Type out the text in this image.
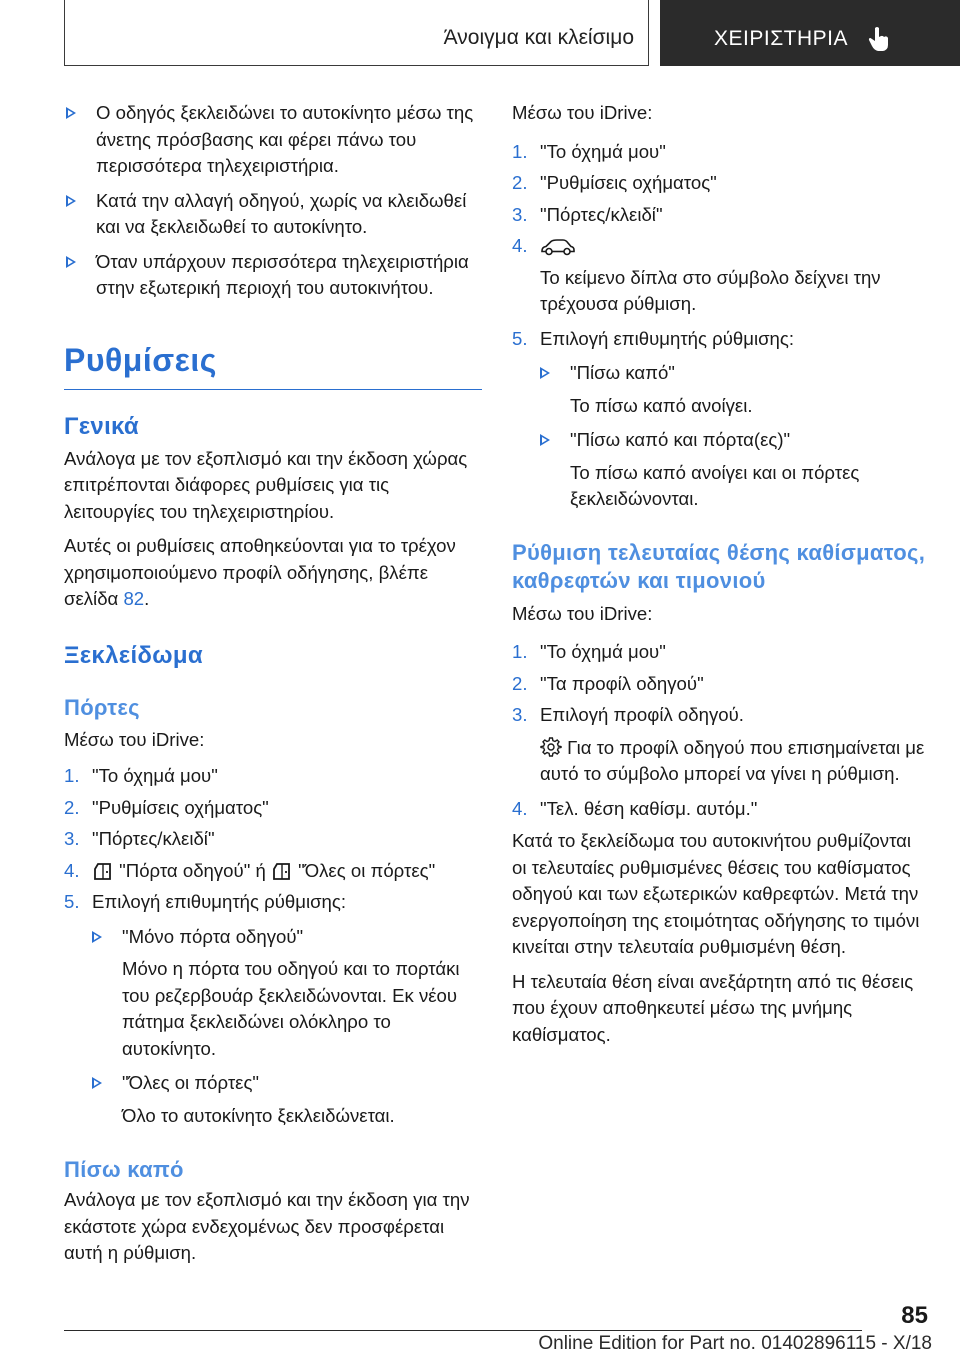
Άνοιγμα και κλείσιμο	ΧΕΙΡΙΣΤΗΡΙΑ
Ο οδηγός ξεκλειδώνει το αυτοκίνητο μέσω της άνετης πρόσβασης και φέρει πάνω του περισσότερα τηλεχειριστήρια.
Κατά την αλλαγή οδηγού, χωρίς να κλειδωθεί και να ξεκλειδωθεί το αυτοκίνητο.
Όταν υπάρχουν περισσότερα τηλεχειριστήρια στην εξωτερική περιοχή του αυτοκινήτου.
Ρυθμίσεις
Γενικά

Ανάλογα με τον εξοπλισμό και την έκδοση χώρας επιτρέπονται διάφορες ρυθμίσεις για τις λειτουργίες του τηλεχειριστηρίου.

Αυτές οι ρυθμίσεις αποθηκεύονται για το τρέχον χρησιμοποιούμενο προφίλ οδήγησης, βλέπε σελίδα 82.

Ξεκλείδωμα
Πόρτες

Μέσω του iDrive:

1. "Το όχημά μου"
2. "Ρυθμίσεις οχήματος"
3. "Πόρτες/κλειδί"
4. "Πόρτα οδηγού" ή  "Όλες οι πόρτες"
5. Επιλογή επιθυμητής ρύθμισης:
"Μόνο πόρτα οδηγού"
Μόνο η πόρτα του οδηγού και το πορτάκι του ρεζερβουάρ ξεκλειδώνονται. Εκ νέου πάτημα ξεκλειδώνει ολόκληρο το αυτοκίνητο.
"Όλες οι πόρτες"
Όλο το αυτοκίνητο ξεκλειδώνεται.
Πίσω καπό

Ανάλογα με τον εξοπλισμό και την έκδοση για την εκάστοτε χώρα ενδεχομένως δεν προσφέρεται αυτή η ρύθμιση.

Μέσω του iDrive:

1. "Το όχημά μου"
2. "Ρυθμίσεις οχήματος"
3. "Πόρτες/κλειδί"
4.
Το κείμενο δίπλα στο σύμβολο δείχνει την τρέχουσα ρύθμιση.
5. Επιλογή επιθυμητής ρύθμισης:
"Πίσω καπό"
Το πίσω καπό ανοίγει.
"Πίσω καπό και πόρτα(ες)"
Το πίσω καπό ανοίγει και οι πόρτες ξεκλειδώνονται.
Ρύθμιση τελευταίας θέσης καθίσματος, καθρεφτών και τιμονιού

Μέσω του iDrive:

1. "Το όχημά μου"
2. "Τα προφίλ οδηγού"
3. Επιλογή προφίλ οδηγού.
Για το προφίλ οδηγού που επισημαίνεται με αυτό το σύμβολο μπορεί να γίνει η ρύθμιση.
4. "Τελ. θέση καθίσμ. αυτόμ."

Κατά το ξεκλείδωμα του αυτοκινήτου ρυθμίζονται οι τελευταίες ρυθμισμένες θέσεις του καθίσματος οδηγού και των εξωτερικών καθρεφτών. Μετά την ενεργοποίηση της ετοιμότητας οδήγησης το τιμόνι κινείται στην τελευταία ρυθμισμένη θέση.

Η τελευταία θέση είναι ανεξάρτητη από τις θέσεις που έχουν αποθηκευτεί μέσω της μνήμης καθίσματος.

85
Online Edition for Part no. 01402896115 - X/18
